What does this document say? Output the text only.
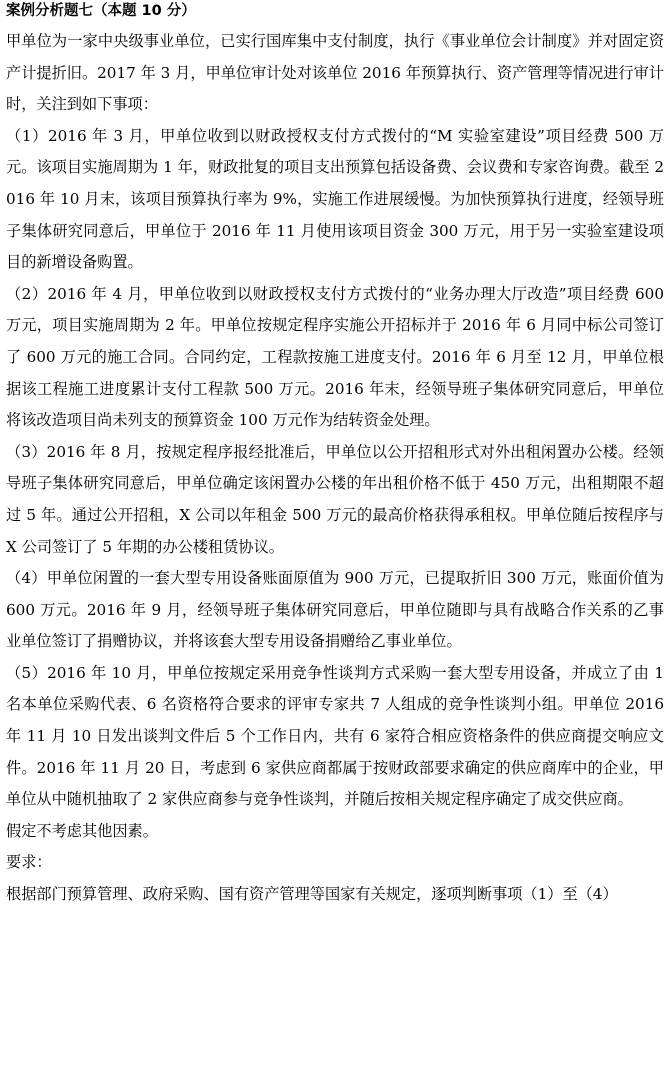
案例分析题七（本题 10 分）

甲单位为一家中央级事业单位，已实行国库集中支付制度，执行《事业单位会计制度》并对固定资产计提折旧。2017 年 3 月，甲单位审计处对该单位 2016 年预算执行、资产管理等情况进行审计时，关注到如下事项：

（1）2016 年 3 月，甲单位收到以财政授权支付方式拨付的“M 实验室建设”项目经费 500 万元。该项目实施周期为 1 年，财政批复的项目支出预算包括设备费、会议费和专家咨询费。截至 2016 年 10 月末，该项目预算执行率为 9%，实施工作进展缓慢。为加快预算执行进度，经领导班子集体研究同意后，甲单位于 2016 年 11 月使用该项目资金 300 万元，用于另一实验室建设项目的新增设备购置。

（2）2016 年 4 月，甲单位收到以财政授权支付方式拨付的“业务办理大厅改造”项目经费 600 万元，项目实施周期为 2 年。甲单位按规定程序实施公开招标并于 2016 年 6 月同中标公司签订了 600 万元的施工合同。合同约定，工程款按施工进度支付。2016 年 6 月至 12 月，甲单位根据该工程施工进度累计支付工程款 500 万元。2016 年末，经领导班子集体研究同意后，甲单位将该改造项目尚未列支的预算资金 100 万元作为结转资金处理。

（3）2016 年 8 月，按规定程序报经批准后，甲单位以公开招租形式对外出租闲置办公楼。经领导班子集体研究同意后，甲单位确定该闲置办公楼的年出租价格不低于 450 万元，出租期限不超过 5 年。通过公开招租，X 公司以年租金 500 万元的最高价格获得承租权。甲单位随后按程序与 X 公司签订了 5 年期的办公楼租赁协议。

（4）甲单位闲置的一套大型专用设备账面原值为 900 万元，已提取折旧 300 万元，账面价值为 600 万元。2016 年 9 月，经领导班子集体研究同意后，甲单位随即与具有战略合作关系的乙事业单位签订了捐赠协议，并将该套大型专用设备捐赠给乙事业单位。

（5）2016 年 10 月，甲单位按规定采用竞争性谈判方式采购一套大型专用设备，并成立了由 1 名本单位采购代表、6 名资格符合要求的评审专家共 7 人组成的竞争性谈判小组。甲单位 2016 年 11 月 10 日发出谈判文件后 5 个工作日内，共有 6 家符合相应资格条件的供应商提交响应文件。2016 年 11 月 20 日，考虑到 6 家供应商都属于按财政部要求确定的供应商库中的企业，甲单位从中随机抽取了 2 家供应商参与竞争性谈判，并随后按相关规定程序确定了成交供应商。

假定不考虑其他因素。

要求：

根据部门预算管理、政府采购、国有资产管理等国家有关规定，逐项判断事项（1）至（4）
